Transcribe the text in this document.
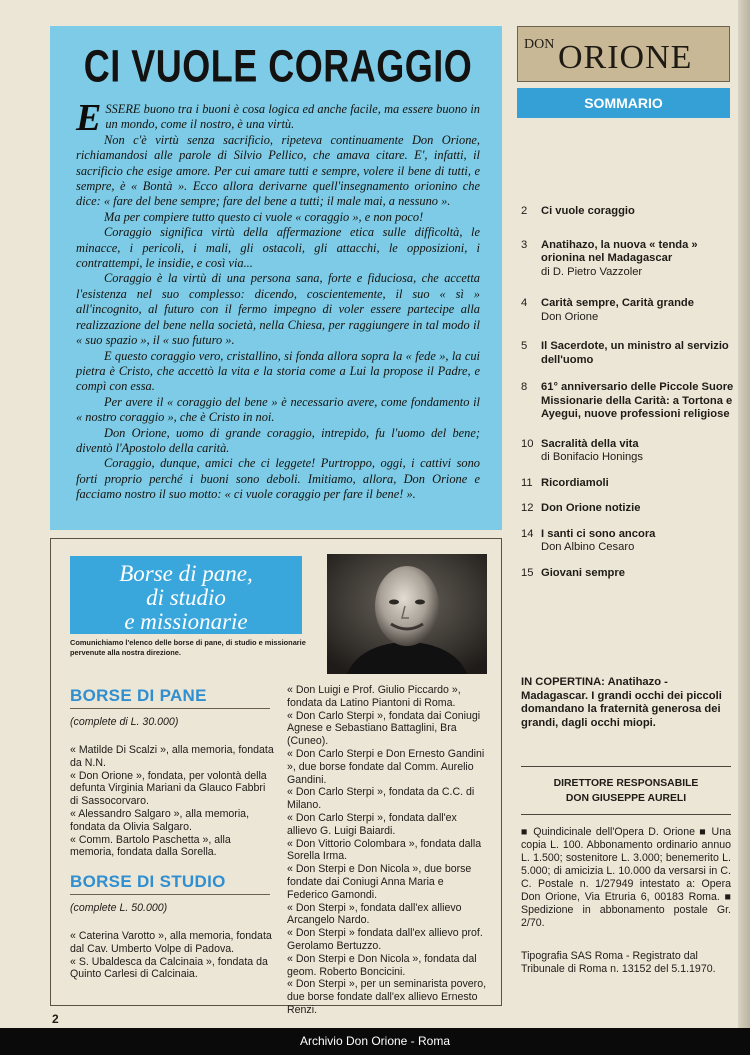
CI VUOLE CORAGGIO

ESSERE buono tra i buoni è cosa logica ed anche facile, ma essere buono in un mondo, come il nostro, è una virtù.

Non c'è virtù senza sacrificio, ripeteva continuamente Don Orione, richiamandosi alle parole di Silvio Pellico, che amava citare. E', infatti, il sacrificio che esige amore. Per cui amare tutti e sempre, volere il bene di tutti, e sempre, è « Bontà ». Ecco allora derivarne quell'insegnamento orionino che dice: « fare del bene sempre; fare del bene a tutti; il male mai, a nessuno ».

Ma per compiere tutto questo ci vuole « coraggio », e non poco!

Coraggio significa virtù della affermazione etica sulle difficoltà, le minacce, i pericoli, i mali, gli ostacoli, gli attacchi, le opposizioni, i contrattempi, le insidie, e così via...

Coraggio è la virtù di una persona sana, forte e fiduciosa, che accetta l'esistenza nel suo complesso: dicendo, coscientemente, il suo « sì » all'incognito, al futuro con il fermo impegno di voler essere partecipe alla realizzazione del bene nella società, nella Chiesa, per raggiungere in tal modo il « suo spazio », il « suo futuro ».

E questo coraggio vero, cristallino, si fonda allora sopra la « fede », la cui pietra è Cristo, che accettò la vita e la storia come a Lui la propose il Padre, e compì con essa.

Per avere il « coraggio del bene » è necessario avere, come fondamento il « nostro coraggio », che è Cristo in noi.

Don Orione, uomo di grande coraggio, intrepido, fu l'uomo del bene; diventò l'Apostolo della carità.

Coraggio, dunque, amici che ci leggete! Purtroppo, oggi, i cattivi sono forti proprio perché i buoni sono deboli. Imitiamo, allora, Don Orione e facciamo nostro il suo motto: « ci vuole coraggio per fare il bene! ».

DON ORIONE
SOMMARIO
2 Ci vuole coraggio
3 Anatihazo, la nuova « tenda » orionina nel Madagascar
di D. Pietro Vazzoler
4 Carità sempre, Carità grande
Don Orione
5 Il Sacerdote, un ministro al servizio dell'uomo
8 61° anniversario delle Piccole Suore Missionarie della Carità: a Tortona e Ayegui, nuove professioni religiose
10 Sacralità della vita
di Bonifacio Honings
11 Ricordiamoli
12 Don Orione notizie
14 I santi ci sono ancora
Don Albino Cesaro
15 Giovani sempre
IN COPERTINA: Anatihazo - Madagascar. I grandi occhi dei piccoli domandano la fraternità generosa dei grandi, dagli occhi miopi.
DIRETTORE RESPONSABILE
DON GIUSEPPE AURELI
■ Quindicinale dell'Opera D. Orione ■ Una copia L. 100. Abbonamento ordinario annuo L. 1.500; sostenitore L. 3.000; benemerito L. 5.000; di amicizia L. 10.000 da versarsi in C. C. Postale n. 1/27949 intestato a: Opera Don Orione, Via Etruria 6, 00183 Roma. ■ Spedizione in abbonamento postale Gr. 2/70.
Tipografia SAS Roma - Registrato dal Tribunale di Roma n. 13152 del 5.1.1970.
Borse di pane,
di studio
e missionarie
Comunichiamo l'elenco delle borse di pane, di studio e missionarie pervenute alla nostra direzione.
BORSE DI PANE
(complete di L. 30.000)
« Matilde Di Scalzi », alla memoria, fondata da N.N.
« Don Orione », fondata, per volontà della defunta Virginia Mariani da Glauco Fabbri di Sassocorvaro.
« Alessandro Salgaro », alla memoria, fondata da Olivia Salgaro.
« Comm. Bartolo Paschetta », alla memoria, fondata dalla Sorella.
BORSE DI STUDIO
(complete L. 50.000)
« Caterina Varotto », alla memoria, fondata dal Cav. Umberto Volpe di Padova.
« S. Ubaldesca da Calcinaia », fondata da Quinto Carlesi di Calcinaia.
« Don Luigi e Prof. Giulio Piccardo », fondata da Latino Piantoni di Roma.
« Don Carlo Sterpi », fondata dai Coniugi Agnese e Sebastiano Battaglini, Bra (Cuneo).
« Don Carlo Sterpi e Don Ernesto Gandini », due borse fondate dal Comm. Aurelio Gandini.
« Don Carlo Sterpi », fondata da C.C. di Milano.
« Don Carlo Sterpi », fondata dall'ex allievo G. Luigi Baiardi.
« Don Vittorio Colombara », fondata dalla Sorella Irma.
« Don Sterpi e Don Nicola », due borse fondate dai Coniugi Anna Maria e Federico Gamondi.
« Don Sterpi », fondata dall'ex allievo Arcangelo Nardo.
« Don Sterpi » fondata dall'ex allievo prof. Gerolamo Bertuzzo.
« Don Sterpi e Don Nicola », fondata dal geom. Roberto Boncicini.
« Don Sterpi », per un seminarista povero, due borse fondate dall'ex allievo Ernesto Renzi.
2
Archivio Don Orione - Roma
